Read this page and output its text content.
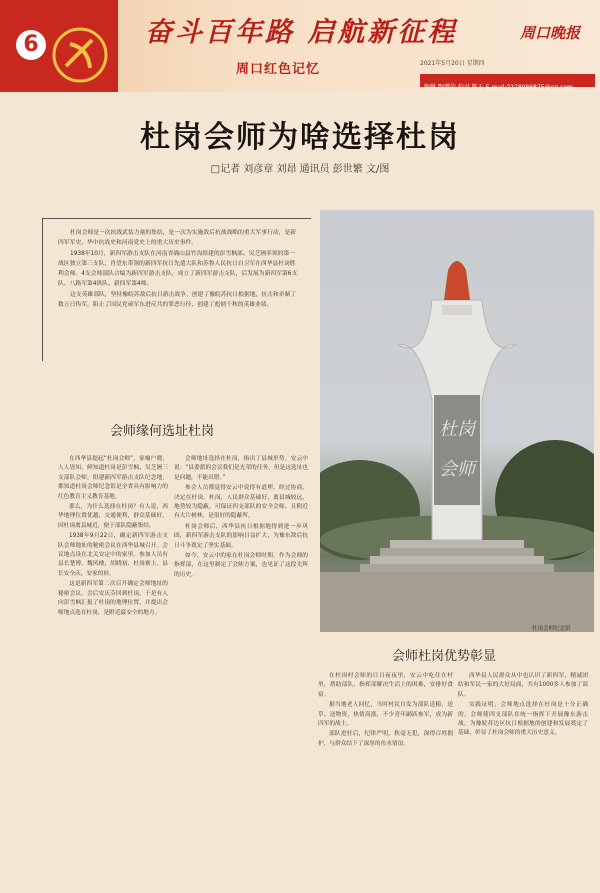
6	奋斗百年路 启航新征程
周口红色记忆
周口晚报
2021年5月20日 星期四
编辑 陶增荣 校对 陈正 E-mail:2278986875@qq.com
杜岗会师为啥选择杜岗
□记者 刘彦章 刘昂 通讯员 彭世繁 文/图

杜岗会师是一次抗战武装力量的集结，是一次为实施敌后抗战战略的重大军事行动，是新四军军史、华中抗战史和河南党史上的重大历史事件。

1938年10月，新四军游击支队在河南省确山县竹沟组建的彭雪枫部、吴芝圃率领的第一战区独立第三支队、肖望东带领的新四军抗日先遣大队和苏鲁人民抗日自卫军在西华县杜岗胜利会师。4支会师部队合编为新四军游击支队，成立了新四军游击支队，后发展为新四军第6支队、八路军第4纵队、新四军第4师。

这支英雄部队，坚持豫皖苏敌后抗日游击战争，创建了豫皖苏抗日根据地，抗击和牵制了数万日伪军，阻止了国民党顽军东进反共的罪恶行径，创建了彪炳千秋的英雄业绩。

杜岗
会师
杜岗会师纪念馆
会师缘何选址杜岗
会师杜岗优势彰显

在西华县提起“杜岗会师”，家喻户晓，人人皆知。鲜知道杜岗是彭雪枫、吴芝圃三支部队会师，组建新四军游击支队纪念地，都知道杜岗会师纪念馆是全省具有影响力的红色教育主义教育基地。

那么，为什么选择在杜岗？有人说，西华地理位置优越，交通便利，群众基础好，因杜岗离县城近，便于部队隐蔽集结。

1938年9月22日，确定新四军游击支队会师地址的秘密会议在西华县城召开。会议地点设在北关安定中的家里。参加人员有县长楚博、魏风楼、胡晓初、杜岗寨主、县长安全庆，安家的转。

这是新四军第二次召开确定会师地址的秘密会议。会后安庆芬回到杜岗。于是有人向彭雪枫汇报了杜岗的地理位置，并提出会师地点选在杜岗，是附近最安全的地方。

会师地址选择在杜岗，指出了县城形势。安云中说：“县委派的会议我们是光荣的任务，但是这选址也是问题，不能出错。”

参会人员都觉得安云中说得有道理，经过协商，决定在杜岗。杜岗，人民群众基础好，离县城较远，地势较为隐蔽，可保证四支部队的安全会师，且附近有大片树林，是很好的隐蔽所。

杜岗会师后，西华县抗日根据地得到进一步巩固，新四军游击支队的影响日益扩大，为豫东敌后抗日斗争奠定了坚实基础。

如今，安云中的家在杜岗会师时期，作为会师的指挥部，在这里制定了会师方案，也见证了这段光辉的历史。

在杜岗村会师的日日夜夜里，安云中吃住在村里，帮助部队、指挥部解决生活上的困难，安排好食宿。

据当地老人回忆，当时村民自发为部队送粮、送草、送物资，热情高涨，不少青年踊跃参军，成为新四军的战士。

部队进驻后，纪律严明，秋毫无犯，深得百姓拥护，与群众结下了深厚的鱼水情谊。

西华县人民群众从中也认识了新四军，精诚团结和军民一家的大好局面，共有1000多人参加了部队。

实践证明，会师地点选择在杜岗是十分正确的。会师使四支部队在统一指挥下开展豫东游击战，为豫皖苏边区抗日根据地的创建和发展奠定了基础，彰显了杜岗会师的重大历史意义。
